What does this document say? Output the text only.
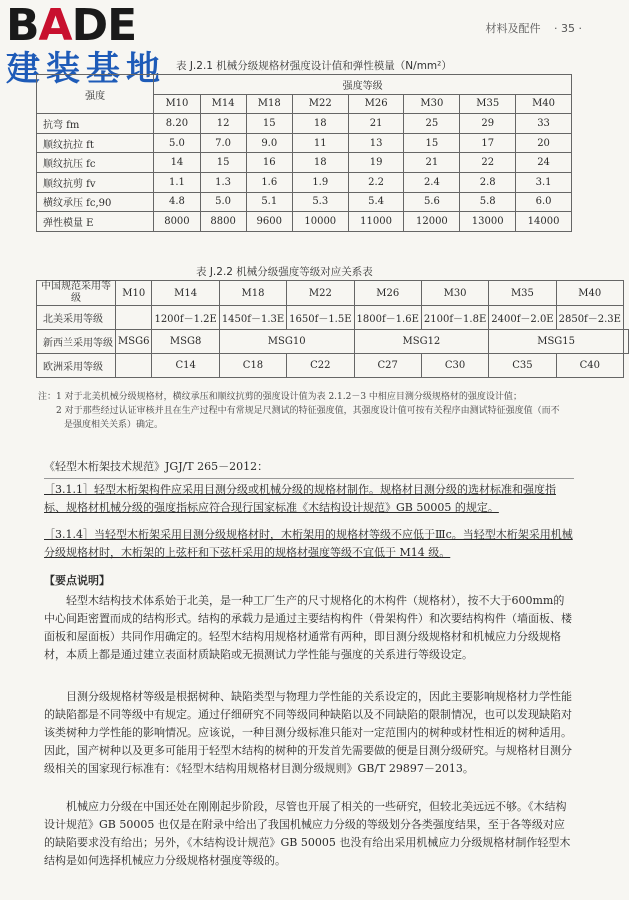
BADE
建装基地
材料及配件 · 35 ·
表 J.2.1 机械分级规格材强度设计值和弹性模量（N/mm²）
强度	强度等级							
	M10	M14	M18	M22	M26	M30	M35	M40
抗弯 fm	8.20	12	15	18	21	25	29	33
顺纹抗拉 ft	5.0	7.0	9.0	11	13	15	17	20
顺纹抗压 fc	14	15	16	18	19	21	22	24
顺纹抗剪 fv	1.1	1.3	1.6	1.9	2.2	2.4	2.8	3.1
横纹承压 fc,90	4.8	5.0	5.1	5.3	5.4	5.6	5.8	6.0
弹性模量 E	8000	8800	9600	10000	11000	12000	13000	14000
表 J.2.2 机械分级强度等级对应关系表
中国规范采用等级	M10	M14	M18	M22	M26	M30	M35	M40	
北美采用等级		1200f－1.2E	1450f－1.3E	1650f－1.5E	1800f－1.6E	2100f－1.8E	2400f－2.0E	2850f－2.3E	
新西兰采用等级	MSG6	MSG8	MSG10		MSG12		MSG15		
欧洲采用等级		C14	C18	C22	C27	C30	C35	C40	

注：1 对于北美机械分级规格材，横纹承压和顺纹抗剪的强度设计值为表 2.1.2－3 中相应目测分级规格材的强度设计值；

　　2 对于那些经过认证审核并且在生产过程中有常规足尺测试的特征强度值，其强度设计值可按有关程序由测试特征强度值（而不是强度相关关系）确定。

《轻型木桁架技术规范》JGJ/T 265－2012：

［3.1.1］轻型木桁架构件应采用目测分级或机械分级的规格材制作。规格材目测分级的选材标准和强度指标、规格材机械分级的强度指标应符合现行国家标准《木结构设计规范》GB 50005 的规定。

［3.1.4］当轻型木桁架采用目测分级规格材时，木桁架用的规格材等级不应低于Ⅲc。当轻型木桁架采用机械分级规格材时，木桁架的上弦杆和下弦杆采用的规格材强度等级不宜低于 M14 级。

【要点说明】

轻型木结构技术体系始于北美，是一种工厂生产的尺寸规格化的木构件（规格材），按不大于600mm的中心间距密置而成的结构形式。结构的承载力是通过主要结构构件（骨架构件）和次要结构构件（墙面板、楼面板和屋面板）共同作用确定的。轻型木结构用规格材通常有两种，即目测分级规格材和机械应力分级规格材，本质上都是通过建立表面材质缺陷或无损测试力学性能与强度的关系进行等级设定。

目测分级规格材等级是根据树种、缺陷类型与物理力学性能的关系设定的，因此主要影响规格材力学性能的缺陷都是不同等级中有规定。通过仔细研究不同等级同种缺陷以及不同缺陷的限制情况，也可以发现缺陷对该类树种力学性能的影响情况。应该说，一种目测分级标准只能对一定范围内的树种或材性相近的树种适用。因此，国产树种以及更多可能用于轻型木结构的树种的开发首先需要做的便是目测分级研究。与规格材目测分级相关的国家现行标准有：《轻型木结构用规格材目测分级规则》GB/T 29897－2013。

机械应力分级在中国还处在刚刚起步阶段，尽管也开展了相关的一些研究，但较北美远远不够。《木结构设计规范》GB 50005 也仅是在附录中给出了我国机械应力分级的等级划分各类强度结果，至于各等级对应的缺陷要求没有给出；另外，《木结构设计规范》GB 50005 也没有给出采用机械应力分级规格材制作轻型木结构是如何选择机械应力分级规格材强度等级的。
